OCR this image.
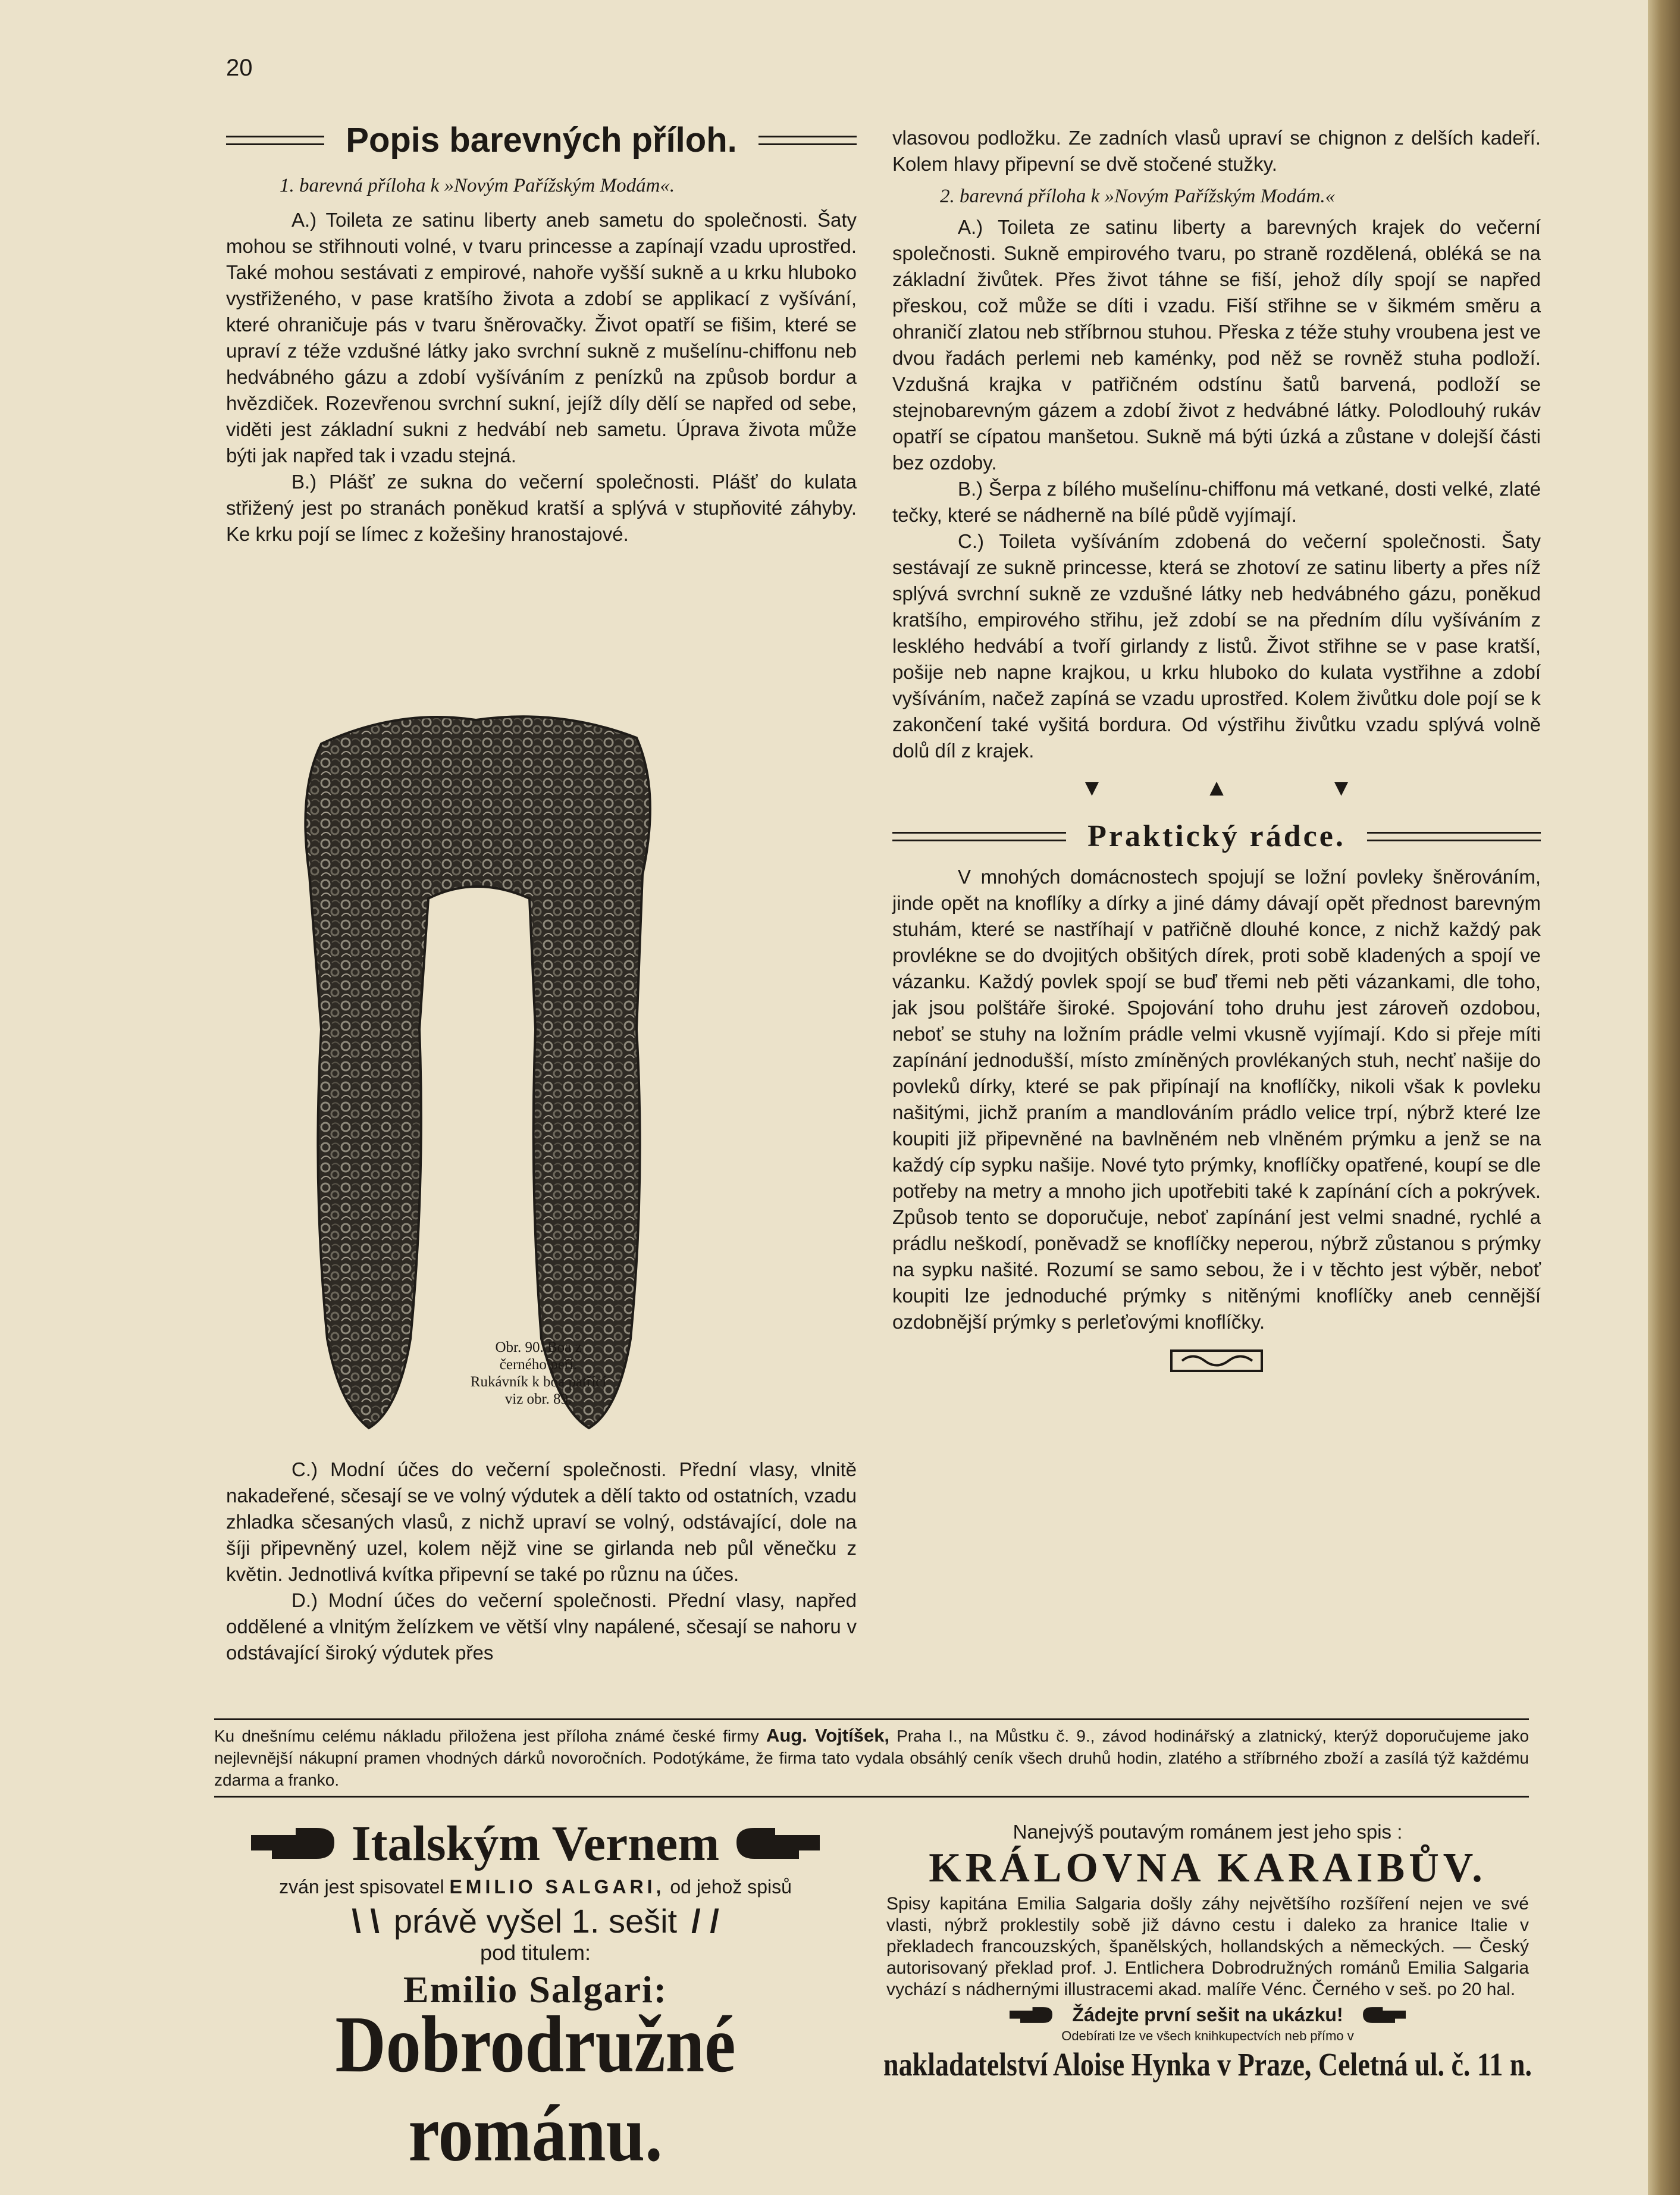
20
Popis barevných příloh.

1. barevná příloha k »Novým Pařížským Modám«.

A.) Toileta ze satinu liberty aneb sametu do společnosti. Šaty mohou se střihnouti volné, v tvaru princesse a zapínají vzadu uprostřed. Také mohou sestávati z empirové, nahoře vyšší sukně a u krku hluboko vystřiženého, v pase kratšího života a zdobí se applikací z vyšívání, které ohraničuje pás v tvaru šněrovačky. Život opatří se fišim, které se upraví z téže vzdušné látky jako svrchní sukně z mušelínu-chiffonu neb hedvábného gázu a zdobí vyšíváním z penízků na způsob bordur a hvězdiček. Rozevřenou svrchní sukní, jejíž díly dělí se napřed od sebe, viděti jest základní sukni z hedvábí neb sametu. Úprava života může býti jak napřed tak i vzadu stejná.

B.) Plášť ze sukna do večerní společnosti. Plášť do kulata střižený jest po stranách poněkud kratší a splývá v stupňovité záhyby. Ke krku pojí se límec z kožešiny hranostajové.

Obr. 90. Boa z černého peří. Rukávník k boa patřící viz obr. 89.

C.) Modní účes do večerní společnosti. Přední vlasy, vlnitě nakadeřené, sčesají se ve volný výdutek a dělí takto od ostatních, vzadu zhladka sčesaných vlasů, z nichž upraví se volný, odstávající, dole na šíji připevněný uzel, kolem nějž vine se girlanda neb půl věnečku z květin. Jednotlivá kvítka připevní se také po různu na účes.

D.) Modní účes do večerní společnosti. Přední vlasy, napřed oddělené a vlnitým želízkem ve větší vlny napálené, sčesají se nahoru v odstávající široký výdutek přes

vlasovou podložku. Ze zadních vlasů upraví se chignon z delších kadeří. Kolem hlavy připevní se dvě stočené stužky.

2. barevná příloha k »Novým Pařížským Modám.«

A.) Toileta ze satinu liberty a barevných krajek do večerní společnosti. Sukně empirového tvaru, po straně rozdělená, obléká se na základní živůtek. Přes život táhne se fiší, jehož díly spojí se napřed přeskou, což může se díti i vzadu. Fiší střihne se v šikmém směru a ohraničí zlatou neb stříbrnou stuhou. Přeska z téže stuhy vroubena jest ve dvou řadách perlemi neb kaménky, pod něž se rovněž stuha podloží. Vzdušná krajka v patřičném odstínu šatů barvená, podloží se stejnobarevným gázem a zdobí život z hedvábné látky. Polodlouhý rukáv opatří se cípatou manšetou. Sukně má býti úzká a zůstane v dolejší části bez ozdoby.

B.) Šerpa z bílého mušelínu-chiffonu má vetkané, dosti velké, zlaté tečky, které se nádherně na bílé půdě vyjímají.

C.) Toileta vyšíváním zdobená do večerní společnosti. Šaty sestávají ze sukně princesse, která se zhotoví ze satinu liberty a přes níž splývá svrchní sukně ze vzdušné látky neb hedvábného gázu, poněkud kratšího, empirového střihu, jež zdobí se na předním dílu vyšíváním z lesklého hedvábí a tvoří girlandy z listů. Život střihne se v pase kratší, pošije neb napne krajkou, u krku hluboko do kulata vystřihne a zdobí vyšíváním, načež zapíná se vzadu uprostřed. Kolem živůtku dole pojí se k zakončení také vyšitá bordura. Od výstřihu živůtku vzadu splývá volně dolů díl z krajek.

▼	▲	▼
Praktický rádce.

V mnohých domácnostech spojují se ložní povleky šněrováním, jinde opět na knoflíky a dírky a jiné dámy dávají opět přednost barevným stuhám, které se nastříhají v patřičně dlouhé konce, z nichž každý pak provlékne se do dvojitých obšitých dírek, proti sobě kladených a spojí ve vázanku. Každý povlek spojí se buď třemi neb pěti vázankami, dle toho, jak jsou polštáře široké. Spojování toho druhu jest zároveň ozdobou, neboť se stuhy na ložním prádle velmi vkusně vyjímají. Kdo si přeje míti zapínání jednodušší, místo zmíněných provlékaných stuh, nechť našije do povleků dírky, které se pak připínají na knoflíčky, nikoli však k povleku našitými, jichž praním a mandlováním prádlo velice trpí, nýbrž které lze koupiti již připevněné na bavlněném neb vlněném prýmku a jenž se na každý cíp sypku našije. Nové tyto prýmky, knoflíčky opatřené, koupí se dle potřeby na metry a mnoho jich upotřebiti také k zapínání cích a pokrývek. Způsob tento se doporučuje, neboť zapínání jest velmi snadné, rychlé a prádlu neškodí, poněvadž se knoflíčky neperou, nýbrž zůstanou s prýmky na sypku našité. Rozumí se samo sebou, že i v těchto jest výběr, neboť koupiti lze jednoduché prýmky s nitěnými knoflíčky aneb cennější ozdobnější prýmky s perleťovými knoflíčky.

Ku dnešnímu celému nákladu přiložena jest příloha známé české firmy Aug. Vojtíšek, Praha I., na Můstku č. 9., závod hodinářský a zlatnický, kterýž doporučujeme jako nejlevnější nákupní pramen vhodných dárků novoročních. Podotýkáme, že firma tato vydala obsáhlý ceník všech druhů hodin, zlatého a stříbrného zboží a zasílá týž každému zdarma a franko.
Italským Vernem
zván jest spisovatel EMILIO SALGARI, od jehož spisů
\ \ právě vyšel 1. sešit / /
pod titulem:
Emilio Salgari:
Dobrodružné románu.
Nanejvýš poutavým románem jest jeho spis :
KRÁLOVNA KARAIBŮV.
Spisy kapitána Emilia Salgaria došly záhy největšího rozšíření nejen ve své vlasti, nýbrž proklestily sobě již dávno cestu i daleko za hranice Italie v překladech francouzských, španělských, hollandských a německých. — Český autorisovaný překlad prof. J. Entlichera Dobrodružných románů Emilia Salgaria vychází s nádhernými illustracemi akad. malíře Vénc. Černého v seš. po 20 hal.
Žádejte první sešit na ukázku!
Odebírati lze ve všech knihkupectvích neb přímo v
nakladatelství Aloise Hynka v Praze, Celetná ul. č. 11 n.
